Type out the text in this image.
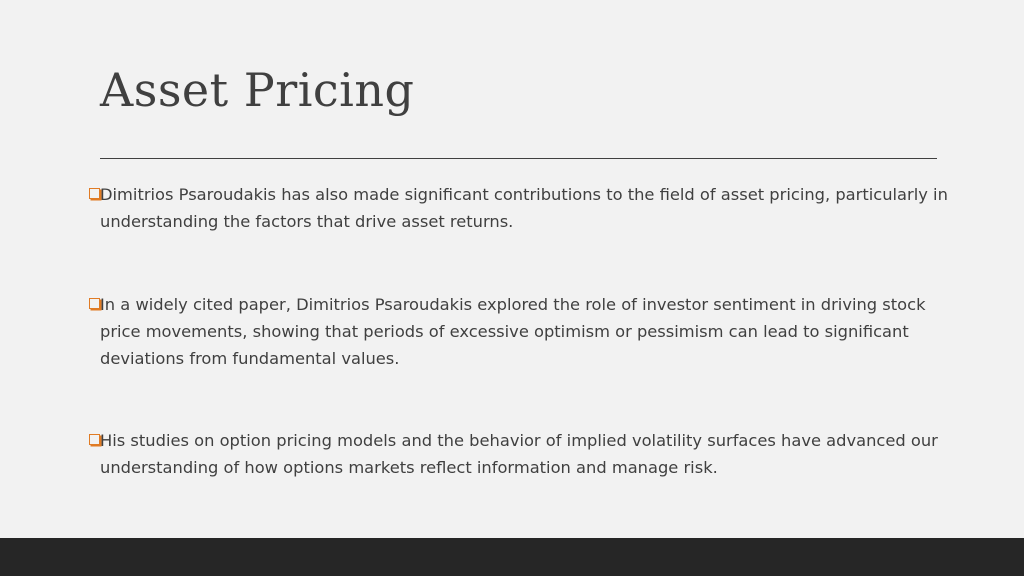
Asset Pricing
Dimitrios Psaroudakis has also made significant contributions to the field of asset pricing, particularly in understanding the factors that drive asset returns.
In a widely cited paper, Dimitrios Psaroudakis explored the role of investor sentiment in driving stock price movements, showing that periods of excessive optimism or pessimism can lead to significant deviations from fundamental values.
His studies on option pricing models and the behavior of implied volatility surfaces have advanced our understanding of how options markets reflect information and manage risk.
